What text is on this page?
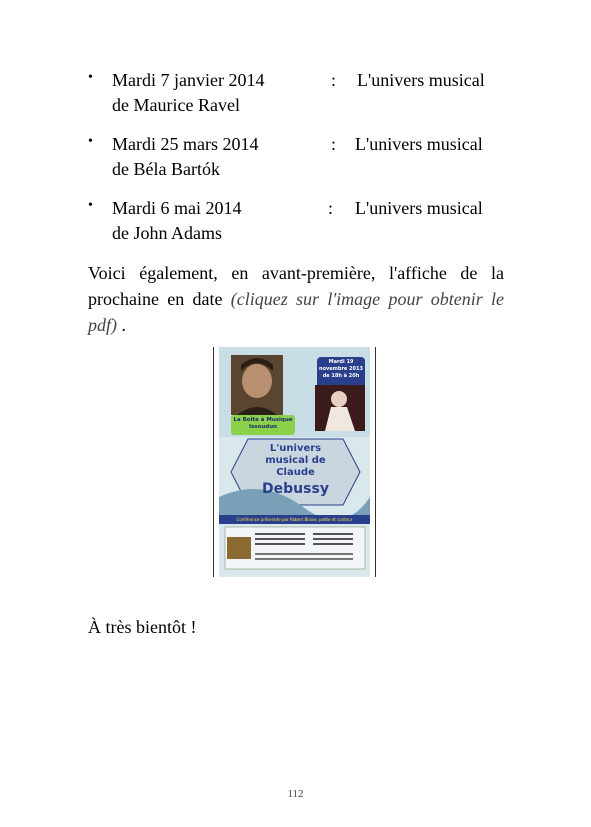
• Mardi 7 janvier 2014	: L'univers musical
de Maurice Ravel
• Mardi 25 mars 2014	: L'univers musical
de Béla Bartók
• Mardi 6 mai 2014	: L'univers musical
de John Adams
Voici également, en avant-première, l'affiche de la
prochaine en date (cliquez sur l'image pour obtenir le
pdf) .
Mardi 19 novembre 2013 de 18h à 20h
La Boîte à Musique Issoudun
L'univers
musical de
Claude
Debussy
Conférence présentée par Robert Blaise, poète et conteur
À très bientôt !
112
